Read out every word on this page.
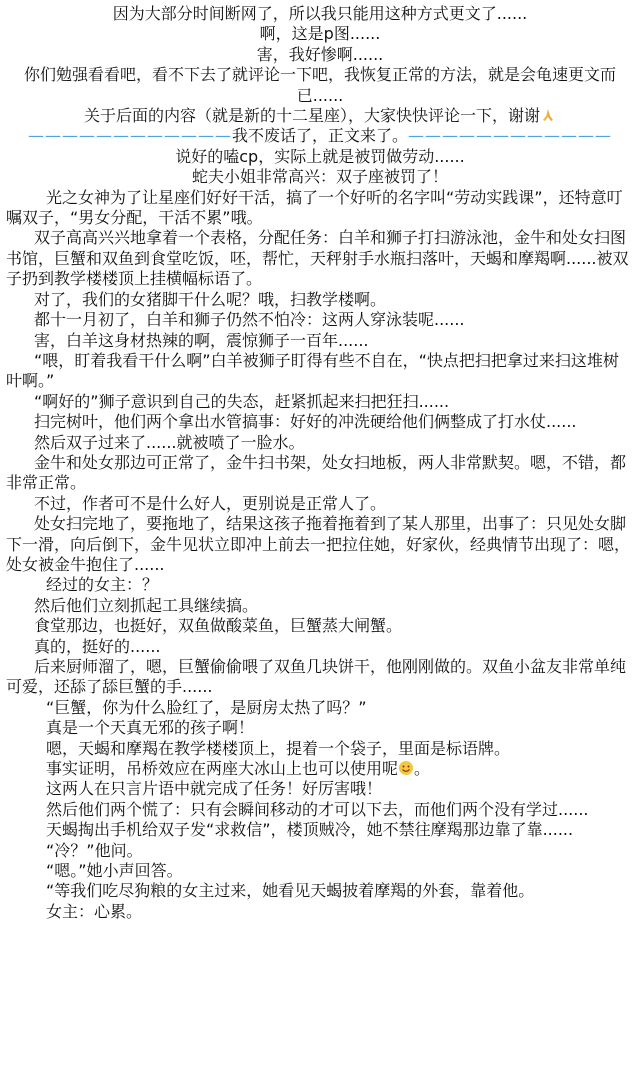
因为大部分时间断网了，所以我只能用这种方式更文了......

啊，这是p图......

害，我好惨啊......

你们勉强看看吧，看不下去了就评论一下吧，我恢复正常的方法，就是会龟速更文而已......

关于后面的内容（就是新的十二星座），大家快快评论一下，谢谢

————————————我不废话了，正文来了。————————————

说好的嗑cp，实际上就是被罚做劳动......

蛇夫小姐非常高兴：双子座被罚了！

光之女神为了让星座们好好干活，搞了一个好听的名字叫“劳动实践课”，还特意叮嘱双子，“男女分配，干活不累”哦。

双子高高兴兴地拿着一个表格，分配任务：白羊和狮子打扫游泳池，金牛和处女扫图书馆，巨蟹和双鱼到食堂吃饭，呸，帮忙，天秤射手水瓶扫落叶，天蝎和摩羯啊......被双子扔到教学楼楼顶上挂横幅标语了。

对了，我们的女猪脚干什么呢？哦，扫教学楼啊。

都十一月初了，白羊和狮子仍然不怕冷：这两人穿泳装呢......

害，白羊这身材热辣的啊，震惊狮子一百年......

“喂，盯着我看干什么啊”白羊被狮子盯得有些不自在，“快点把扫把拿过来扫这堆树叶啊。”

“啊好的”狮子意识到自己的失态，赶紧抓起来扫把狂扫......

扫完树叶，他们两个拿出水管搞事：好好的冲洗硬给他们俩整成了打水仗......

然后双子过来了......就被喷了一脸水。

金牛和处女那边可正常了，金牛扫书架，处女扫地板，两人非常默契。嗯，不错，都非常正常。

不过，作者可不是什么好人，更别说是正常人了。

处女扫完地了，要拖地了，结果这孩子拖着拖着到了某人那里，出事了：只见处女脚下一滑，向后倒下，金牛见状立即冲上前去一把拉住她，好家伙，经典情节出现了：嗯，处女被金牛抱住了......

经过的女主：？

然后他们立刻抓起工具继续搞。

食堂那边，也挺好，双鱼做酸菜鱼，巨蟹蒸大闸蟹。

真的，挺好的......

后来厨师溜了，嗯，巨蟹偷偷喂了双鱼几块饼干，他刚刚做的。双鱼小盆友非常单纯可爱，还舔了舔巨蟹的手......

“巨蟹，你为什么脸红了，是厨房太热了吗？”

真是一个天真无邪的孩子啊！

嗯，天蝎和摩羯在教学楼楼顶上，提着一个袋子，里面是标语牌。

事实证明，吊桥效应在两座大冰山上也可以使用呢 。

这两人在只言片语中就完成了任务！好厉害哦！

然后他们两个慌了：只有会瞬间移动的才可以下去，而他们两个没有学过......

天蝎掏出手机给双子发“求救信”，楼顶贼冷，她不禁往摩羯那边靠了靠......

“冷？”他问。

“嗯。”她小声回答。

“等我们吃尽狗粮的女主过来，她看见天蝎披着摩羯的外套，靠着他。

女主：心累。
